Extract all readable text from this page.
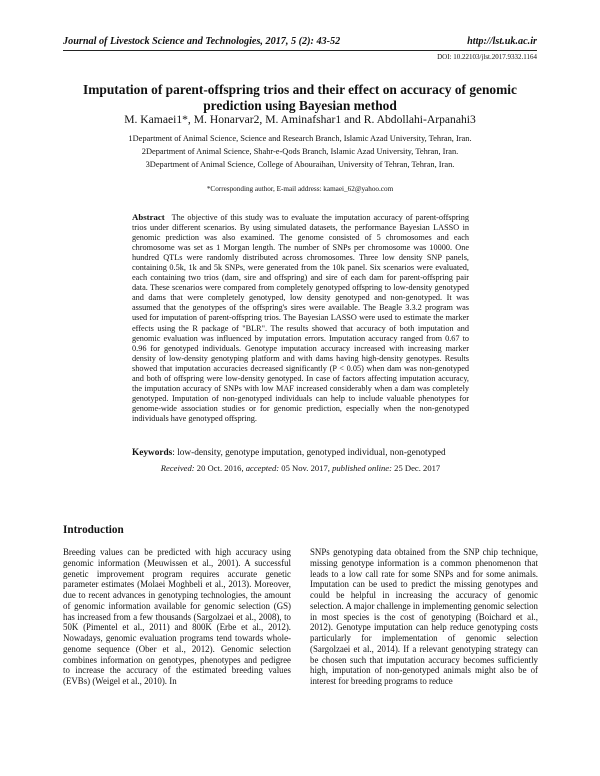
Journal of Livestock Science and Technologies, 2017, 5 (2): 43-52	http://lst.uk.ac.ir
DOI: 10.22103/jlst.2017.9332.1164
Imputation of parent-offspring trios and their effect on accuracy of genomic prediction using Bayesian method
M. Kamaei1*, M. Honarvar2, M. Aminafshar1 and R. Abdollahi-Arpanahi3
1Department of Animal Science, Science and Research Branch, Islamic Azad University, Tehran, Iran.
2Department of Animal Science, Shahr-e-Qods Branch, Islamic Azad University, Tehran, Iran.
3Department of Animal Science, College of Abouraihan, University of Tehran, Tehran, Iran.
*Corresponding author, E-mail address: kamaei_62@yahoo.com
Abstract The objective of this study was to evaluate the imputation accuracy of parent-offspring trios under different scenarios. By using simulated datasets, the performance Bayesian LASSO in genomic prediction was also examined. The genome consisted of 5 chromosomes and each chromosome was set as 1 Morgan length. The number of SNPs per chromosome was 10000. One hundred QTLs were randomly distributed across chromosomes. Three low density SNP panels, containing 0.5k, 1k and 5k SNPs, were generated from the 10k panel. Six scenarios were evaluated, each containing two trios (dam, sire and offspring) and sire of each dam for parent-offspring pair data. These scenarios were compared from completely genotyped offspring to low-density genotyped and dams that were completely genotyped, low density genotyped and non-genotyped. It was assumed that the genotypes of the offspring's sires were available. The Beagle 3.3.2 program was used for imputation of parent-offspring trios. The Bayesian LASSO were used to estimate the marker effects using the R package of "BLR". The results showed that accuracy of both imputation and genomic evaluation was influenced by imputation errors. Imputation accuracy ranged from 0.67 to 0.96 for genotyped individuals. Genotype imputation accuracy increased with increasing marker density of low-density genotyping platform and with dams having high-density genotypes. Results showed that imputation accuracies decreased significantly (P < 0.05) when dam was non-genotyped and both of offspring were low-density genotyped. In case of factors affecting imputation accuracy, the imputation accuracy of SNPs with low MAF increased considerably when a dam was completely genotyped. Imputation of non-genotyped individuals can help to include valuable phenotypes for genome-wide association studies or for genomic prediction, especially when the non-genotyped individuals have genotyped offspring.
Keywords: low-density, genotype imputation, genotyped individual, non-genotyped
Received: 20 Oct. 2016, accepted: 05 Nov. 2017, published online: 25 Dec. 2017
Introduction
Breeding values can be predicted with high accuracy using genomic information (Meuwissen et al., 2001). A successful genetic improvement program requires accurate genetic parameter estimates (Molaei Moghbeli et al., 2013). Moreover, due to recent advances in genotyping technologies, the amount of genomic information available for genomic selection (GS) has increased from a few thousands (Sargolzaei et al., 2008), to 50K (Pimentel et al., 2011) and 800K (Erbe et al., 2012). Nowadays, genomic evaluation programs tend towards whole-genome sequence (Ober et al., 2012). Genomic selection combines information on genotypes, phenotypes and pedigree to increase the accuracy of the estimated breeding values (EVBs) (Weigel et al., 2010). In
SNPs genotyping data obtained from the SNP chip technique, missing genotype information is a common phenomenon that leads to a low call rate for some SNPs and for some animals. Imputation can be used to predict the missing genotypes and could be helpful in increasing the accuracy of genomic selection. A major challenge in implementing genomic selection in most species is the cost of genotyping (Boichard et al., 2012). Genotype imputation can help reduce genotyping costs particularly for implementation of genomic selection (Sargolzaei et al., 2014). If a relevant genotyping strategy can be chosen such that imputation accuracy becomes sufficiently high, imputation of non-genotyped animals might also be of interest for breeding programs to reduce
